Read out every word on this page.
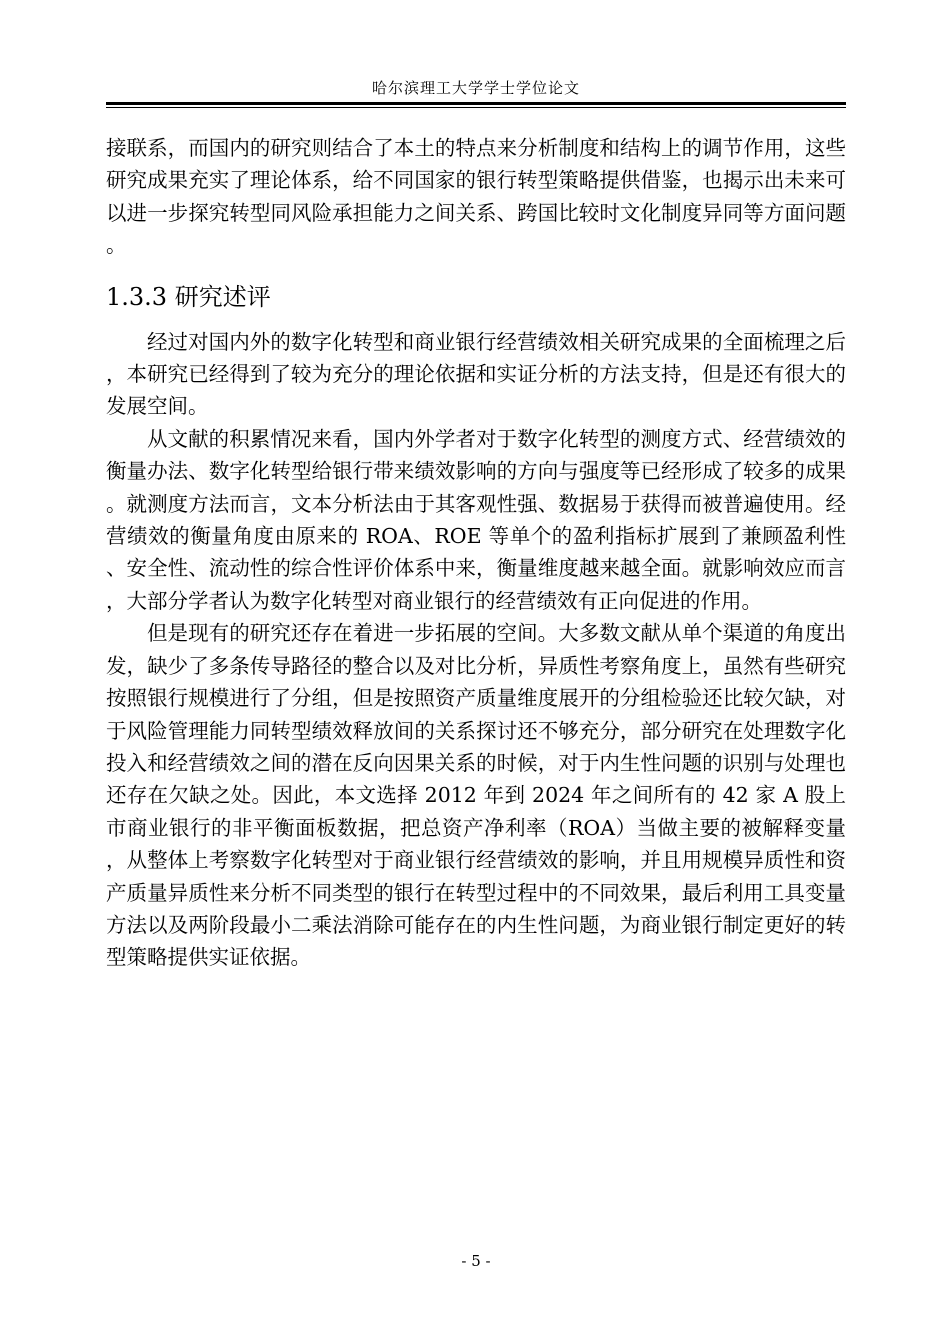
哈尔滨理工大学学士学位论文

接联系，而国内的研究则结合了本土的特点来分析制度和结构上的调节作用，这些研究成果充实了理论体系，给不同国家的银行转型策略提供借鉴，也揭示出未来可以进一步探究转型同风险承担能力之间关系、跨国比较时文化制度异同等方面问题。

1.3.3 研究述评

经过对国内外的数字化转型和商业银行经营绩效相关研究成果的全面梳理之后，本研究已经得到了较为充分的理论依据和实证分析的方法支持，但是还有很大的发展空间。

从文献的积累情况来看，国内外学者对于数字化转型的测度方式、经营绩效的衡量办法、数字化转型给银行带来绩效影响的方向与强度等已经形成了较多的成果。就测度方法而言，文本分析法由于其客观性强、数据易于获得而被普遍使用。经营绩效的衡量角度由原来的 ROA、ROE 等单个的盈利指标扩展到了兼顾盈利性、安全性、流动性的综合性评价体系中来，衡量维度越来越全面。就影响效应而言，大部分学者认为数字化转型对商业银行的经营绩效有正向促进的作用。

但是现有的研究还存在着进一步拓展的空间。大多数文献从单个渠道的角度出发，缺少了多条传导路径的整合以及对比分析，异质性考察角度上，虽然有些研究按照银行规模进行了分组，但是按照资产质量维度展开的分组检验还比较欠缺，对于风险管理能力同转型绩效释放间的关系探讨还不够充分，部分研究在处理数字化投入和经营绩效之间的潜在反向因果关系的时候，对于内生性问题的识别与处理也还存在欠缺之处。因此，本文选择 2012 年到 2024 年之间所有的 42 家 A 股上市商业银行的非平衡面板数据，把总资产净利率（ROA）当做主要的被解释变量，从整体上考察数字化转型对于商业银行经营绩效的影响，并且用规模异质性和资产质量异质性来分析不同类型的银行在转型过程中的不同效果，最后利用工具变量方法以及两阶段最小二乘法消除可能存在的内生性问题，为商业银行制定更好的转型策略提供实证依据。

- 5 -
